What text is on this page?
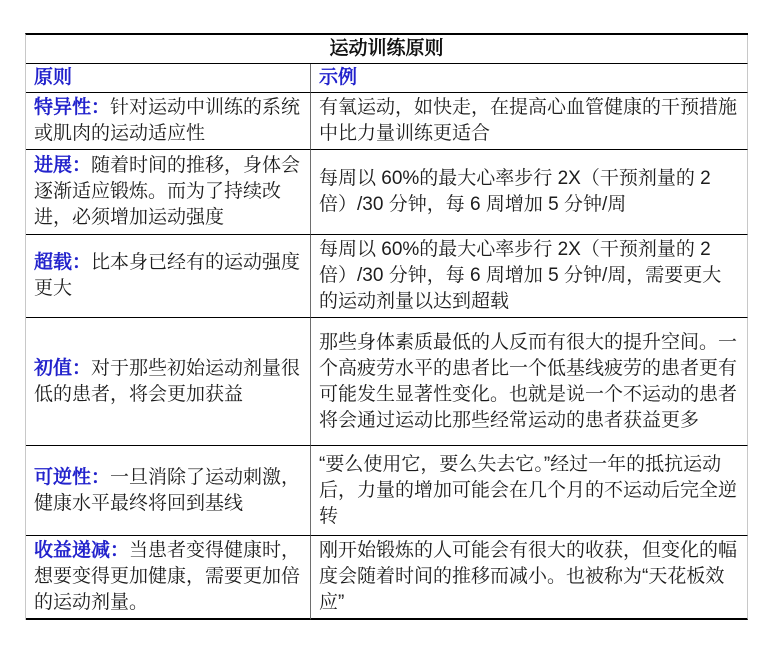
运动训练原则	
原则	示例
特异性：针对运动中训练的系统或肌肉的运动适应性	有氧运动，如快走，在提高心血管健康的干预措施中比力量训练更适合
进展：随着时间的推移，身体会逐渐适应锻炼。而为了持续改进，必须增加运动强度	每周以 60%的最大心率步行 2X（干预剂量的 2 倍）/30 分钟，每 6 周增加 5 分钟/周
超载：比本身已经有的运动强度更大	每周以 60%的最大心率步行 2X（干预剂量的 2 倍）/30 分钟，每 6 周增加 5 分钟/周，需要更大的运动剂量以达到超载
初值：对于那些初始运动剂量很低的患者，将会更加获益	那些身体素质最低的人反而有很大的提升空间。一个高疲劳水平的患者比一个低基线疲劳的患者更有可能发生显著性变化。也就是说一个不运动的患者将会通过运动比那些经常运动的患者获益更多
可逆性：一旦消除了运动刺激，健康水平最终将回到基线	“要么使用它，要么失去它。”经过一年的抵抗运动后，力量的增加可能会在几个月的不运动后完全逆转
收益递减：当患者变得健康时，想要变得更加健康，需要更加倍的运动剂量。	刚开始锻炼的人可能会有很大的收获，但变化的幅度会随着时间的推移而减小。也被称为“天花板效应”
